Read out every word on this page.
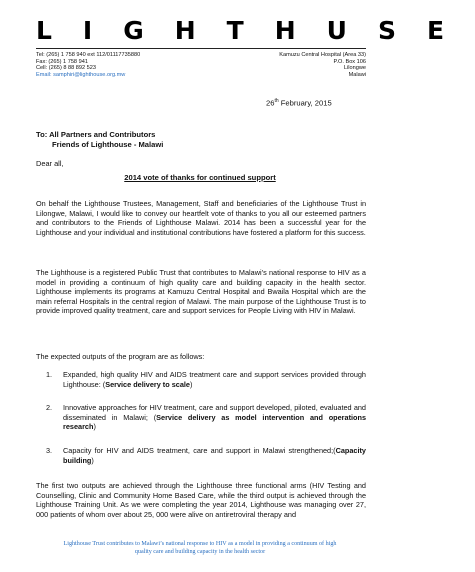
LIGHTH USE
Tel: (265) 1 758 940 ext 112/01117735880
Fax: (265) 1 758 941
Cell: (265) 8 88 892 523
Email: samphiri@lighthouse.org.mw
Kamuzu Central Hospital (Area 33)
P.O. Box 106
Lilongwe
Malawi
26th February, 2015
To: All Partners and Contributors
Friends of Lighthouse - Malawi
Dear all,
2014 vote of thanks for continued support
On behalf the Lighthouse Trustees, Management, Staff and beneficiaries of the Lighthouse Trust in Lilongwe, Malawi, I would like to convey our heartfelt vote of thanks to you all our esteemed partners and contributors to the Friends of Lighthouse Malawi. 2014 has been a successful year for the Lighthouse and your individual and institutional contributions have fostered a platform for this success.
The Lighthouse is a registered Public Trust that contributes to Malawi’s national response to HIV as a model in providing a continuum of high quality care and building capacity in the health sector. Lighthouse implements its programs at Kamuzu Central Hospital and Bwaila Hospital which are the main referral Hospitals in the central region of Malawi. The main purpose of the Lighthouse Trust is to provide improved quality treatment, care and support services for People Living with HIV in Malawi.
The expected outputs of the program are as follows:
1. Expanded, high quality HIV and AIDS treatment care and support services provided through Lighthouse: (Service delivery to scale)
2. Innovative approaches for HIV treatment, care and support developed, piloted, evaluated and disseminated in Malawi; (Service delivery as model intervention and operations research)
3. Capacity for HIV and AIDS treatment, care and support in Malawi strengthened;(Capacity building)
The first two outputs are achieved through the Lighthouse three functional arms (HIV Testing and Counselling, Clinic and Community Home Based Care, while the third output is achieved through the Lighthouse Training Unit. As we were completing the year 2014, Lighthouse was managing over 27, 000 patients of whom over about 25, 000 were alive on antiretroviral therapy and
Lighthouse Trust contributes to Malawi’s national response to HIV as a model in providing a continuum of high
quality care and building capacity in the health sector
